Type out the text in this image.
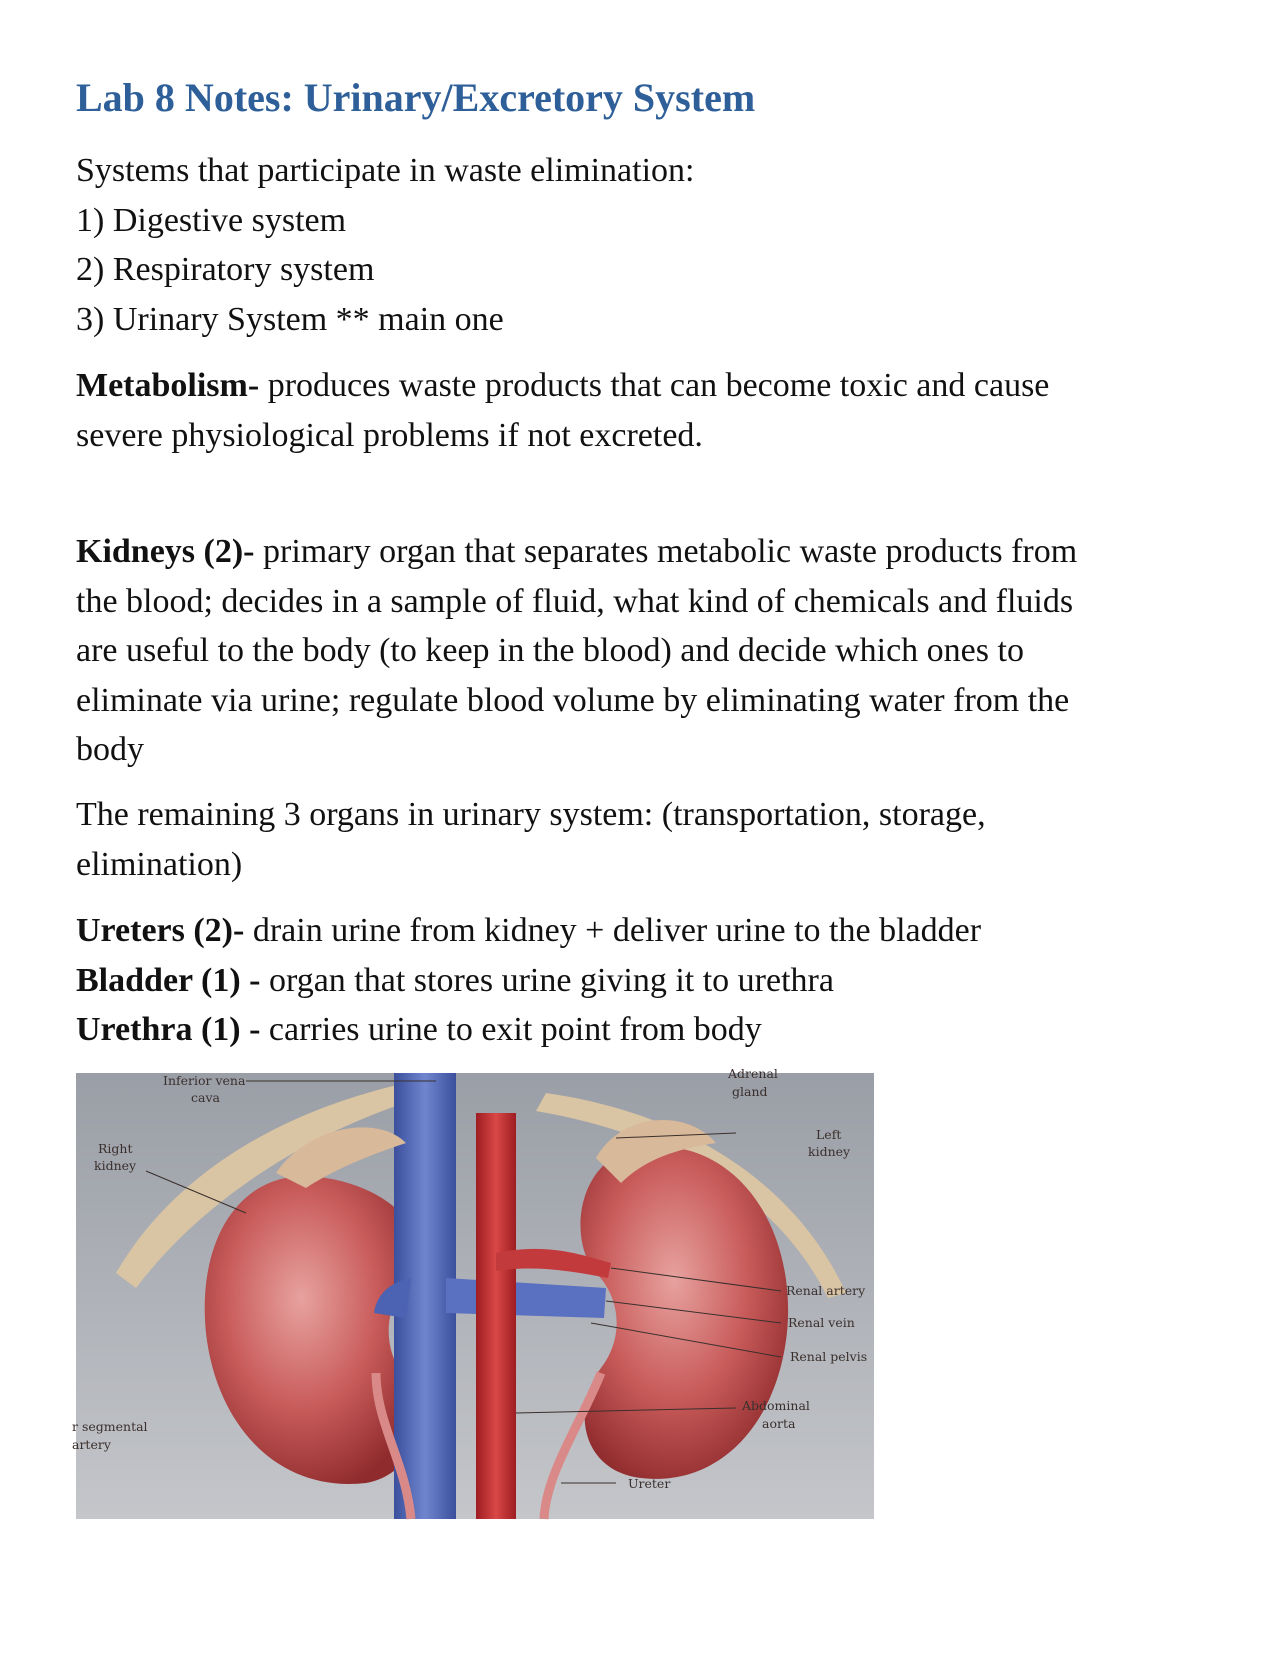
Lab 8 Notes: Urinary/Excretory System
Systems that participate in waste elimination:
1) Digestive system
2) Respiratory system
3) Urinary System ** main one
Metabolism- produces waste products that can become toxic and cause
severe physiological problems if not excreted.
Kidneys (2)- primary organ that separates metabolic waste products from
the blood; decides in a sample of fluid, what kind of chemicals and fluids
are useful to the body (to keep in the blood) and decide which ones to
eliminate via urine; regulate blood volume by eliminating water from the
body
The remaining 3 organs in urinary system: (transportation, storage,
elimination)
Ureters (2)- drain urine from kidney + deliver urine to the bladder
Bladder (1) - organ that stores urine giving it to urethra
Urethra (1) - carries urine to exit point from body
Inferior vena
cava
Adrenal
gland
Right
kidney
Left
kidney
Renal artery
Renal vein
Renal pelvis
Abdominal
aorta
r segmental
artery
Ureter
